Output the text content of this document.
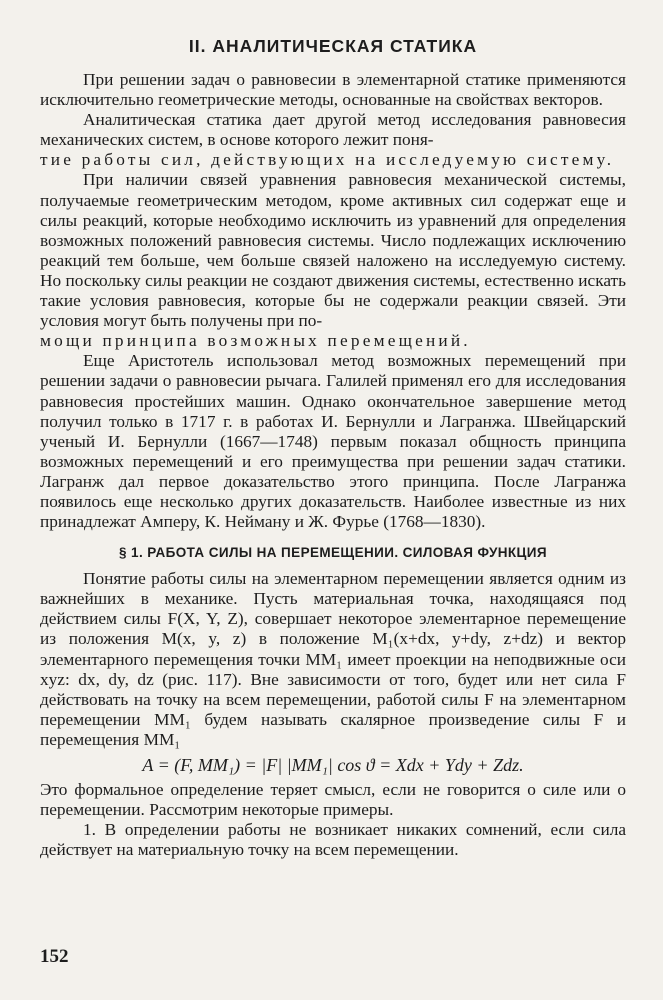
II. АНАЛИТИЧЕСКАЯ СТАТИКА

При решении задач о равновесии в элементарной статике применяются исключительно геометрические методы, основанные на свойствах векторов.

Аналитическая статика дает другой метод исследования равновесия механических систем, в основе которого лежит поня-

тие работы сил, действующих на исследуемую систему.

При наличии связей уравнения равновесия механической системы, получаемые геометрическим методом, кроме активных сил содержат еще и силы реакций, которые необходимо исключить из уравнений для определения возможных положений равновесия системы. Число подлежащих исключению реакций тем больше, чем больше связей наложено на исследуемую систему. Но поскольку силы реакции не создают движения системы, естественно искать такие условия равновесия, которые бы не содержали реакции связей. Эти условия могут быть получены при по-

мощи принципа возможных перемещений.

Еще Аристотель использовал метод возможных перемещений при решении задачи о равновесии рычага. Галилей применял его для исследования равновесия простейших машин. Однако окончательное завершение метод получил только в 1717 г. в работах И. Бернулли и Лагранжа. Швейцарский ученый И. Бернулли (1667—1748) первым показал общность принципа возможных перемещений и его преимущества при решении задач статики. Лагранж дал первое доказательство этого принципа. После Лагранжа появилось еще несколько других доказательств. Наиболее известные из них принадлежат Амперу, К. Нейману и Ж. Фурье (1768—1830).

§ 1. РАБОТА СИЛЫ НА ПЕРЕМЕЩЕНИИ. СИЛОВАЯ ФУНКЦИЯ

Понятие работы силы на элементарном перемещении является одним из важнейших в механике. Пусть материальная точка, находящаяся под действием силы F(X, Y, Z), совершает некоторое элементарное перемещение из положения M(x, y, z) в положение M₁(x+dx, y+dy, z+dz) и вектор элементарного перемещения точки MM₁ имеет проекции на неподвижные оси xyz: dx, dy, dz (рис. 117). Вне зависимости от того, будет или нет сила F действовать на точку на всем перемещении, работой силы F на элементарном перемещении MM₁ будем называть скалярное произведение силы F и перемещения MM₁

A = (F, MM₁) = |F| |MM₁| cos ϑ = Xdx + Ydy + Zdz.

Это формальное определение теряет смысл, если не говорится о силе или о перемещении. Рассмотрим некоторые примеры.

1. В определении работы не возникает никаких сомнений, если сила действует на материальную точку на всем перемещении.

152
